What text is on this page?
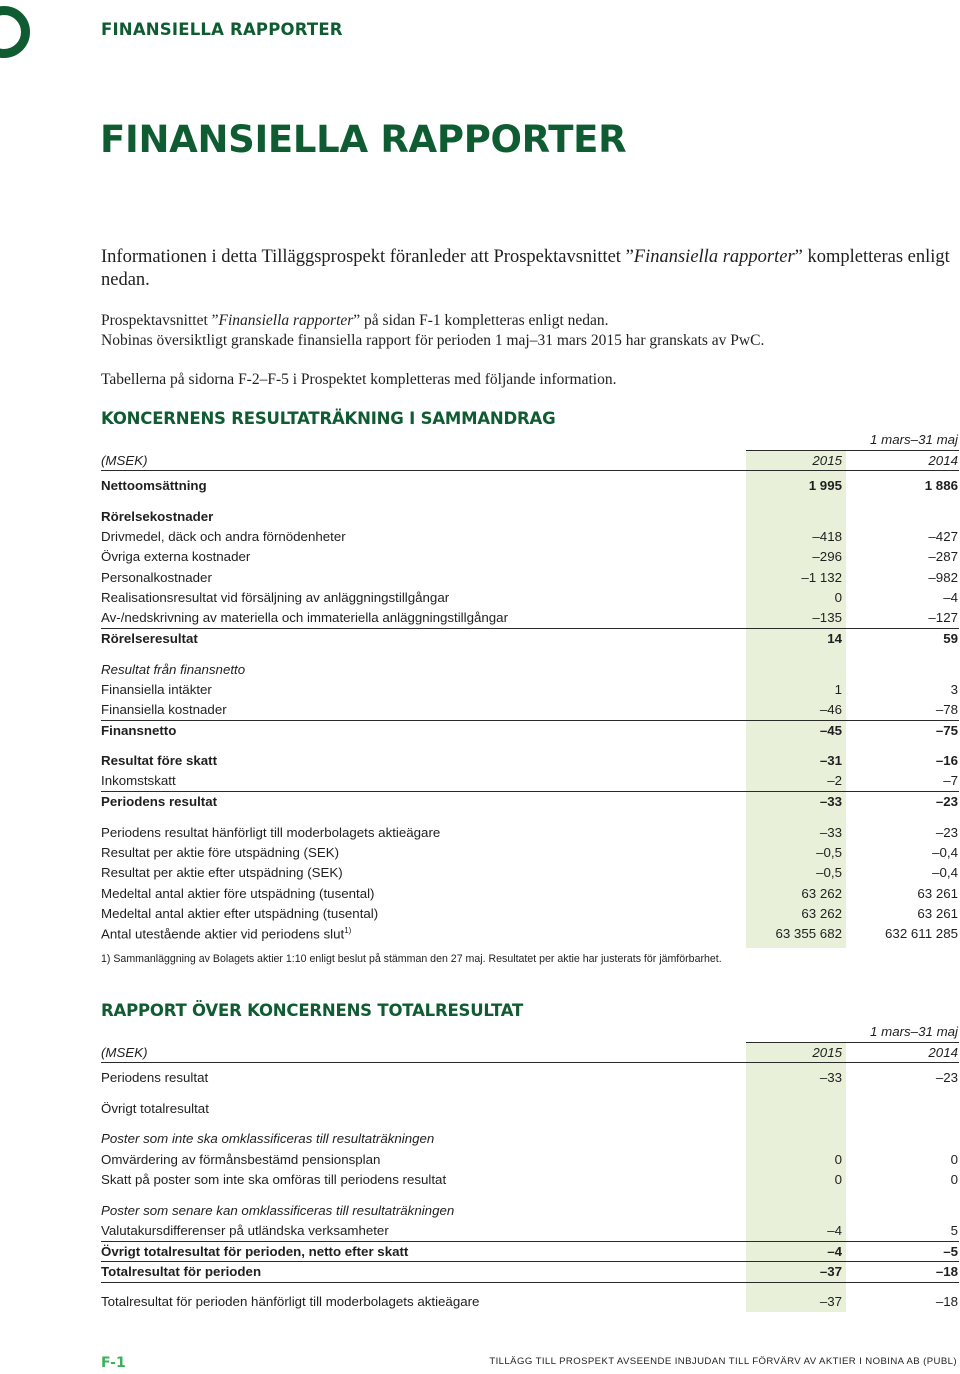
FINANSIELLA RAPPORTER
FINANSIELLA RAPPORTER

Informationen i detta Tilläggsprospekt föranleder att Prospektavsnittet ”Finansiella rapporter” kompletteras enligt nedan.

Prospektavsnittet ”Finansiella rapporter” på sidan F-1 kompletteras enligt nedan.

Nobinas översiktligt granskade finansiella rapport för perioden 1 maj–31 mars 2015 har granskats av PwC.

Tabellerna på sidorna F-2–F-5 i Prospektet kompletteras med följande information.

KONCERNENS RESULTATRÄKNING I SAMMANDRAG
1 mars–31 maj
(MSEK)	2015	2014
Nettoomsättning	1 995	1 886
Rörelsekostnader
Drivmedel, däck och andra förnödenheter	–418	–427
Övriga externa kostnader	–296	–287
Personalkostnader	–1 132	–982
Realisationsresultat vid försäljning av anläggningstillgångar	0	–4
Av-/nedskrivning av materiella och immateriella anläggningstillgångar	–135	–127
Rörelseresultat	14	59
Resultat från finansnetto
Finansiella intäkter	1	3
Finansiella kostnader	–46	–78
Finansnetto	–45	–75
Resultat före skatt	–31	–16
Inkomstskatt	–2	–7
Periodens resultat	–33	–23
Periodens resultat hänförligt till moderbolagets aktieägare	–33	–23
Resultat per aktie före utspädning (SEK)	–0,5	–0,4
Resultat per aktie efter utspädning (SEK)	–0,5	–0,4
Medeltal antal aktier före utspädning (tusental)	63 262	63 261
Medeltal antal aktier efter utspädning (tusental)	63 262	63 261
Antal utestående aktier vid periodens slut$^{1)}$	63 355 682	632 611 285

1) Sammanläggning av Bolagets aktier 1:10 enligt beslut på stämman den 27 maj. Resultatet per aktie har justerats för jämförbarhet.

RAPPORT ÖVER KONCERNENS TOTALRESULTAT
1 mars–31 maj
(MSEK)	2015	2014
Periodens resultat	–33	–23
Övrigt totalresultat
Poster som inte ska omklassificeras till resultaträkningen
Omvärdering av förmånsbestämd pensionsplan	0	0
Skatt på poster som inte ska omföras till periodens resultat	0	0
Poster som senare kan omklassificeras till resultaträkningen
Valutakursdifferenser på utländska verksamheter	–4	5
Övrigt totalresultat för perioden, netto efter skatt	–4	–5
Totalresultat för perioden	–37	–18
Totalresultat för perioden hänförligt till moderbolagets aktieägare	–37	–18
F-1	TILLÄGG TILL PROSPEKT AVSEENDE INBJUDAN TILL FÖRVÄRV AV AKTIER I NOBINA AB (PUBL)
